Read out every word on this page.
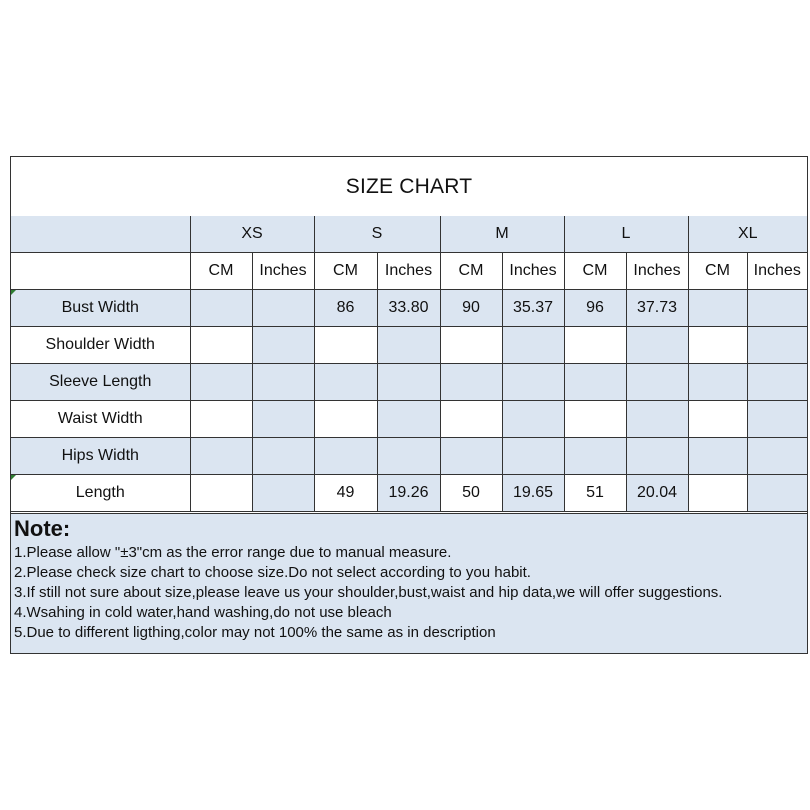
SIZE CHART
	XS		S		M		L		XL	
	CM	Inches	CM	Inches	CM	Inches	CM	Inches	CM	Inches
Bust Width			86	33.80	90	35.37	96	37.73		
Shoulder Width										
Sleeve Length										
Waist Width										
Hips Width										
Length			49	19.26	50	19.65	51	20.04		
Note:
1.Please allow "±3"cm as the error range due to manual measure.
2.Please check size chart to choose size.Do not select according to you habit.
3.If still not sure about size,please leave us your shoulder,bust,waist and hip data,we will offer suggestions.
4.Wsahing in cold water,hand washing,do not use bleach
5.Due to different ligthing,color may not 100% the same as in description
